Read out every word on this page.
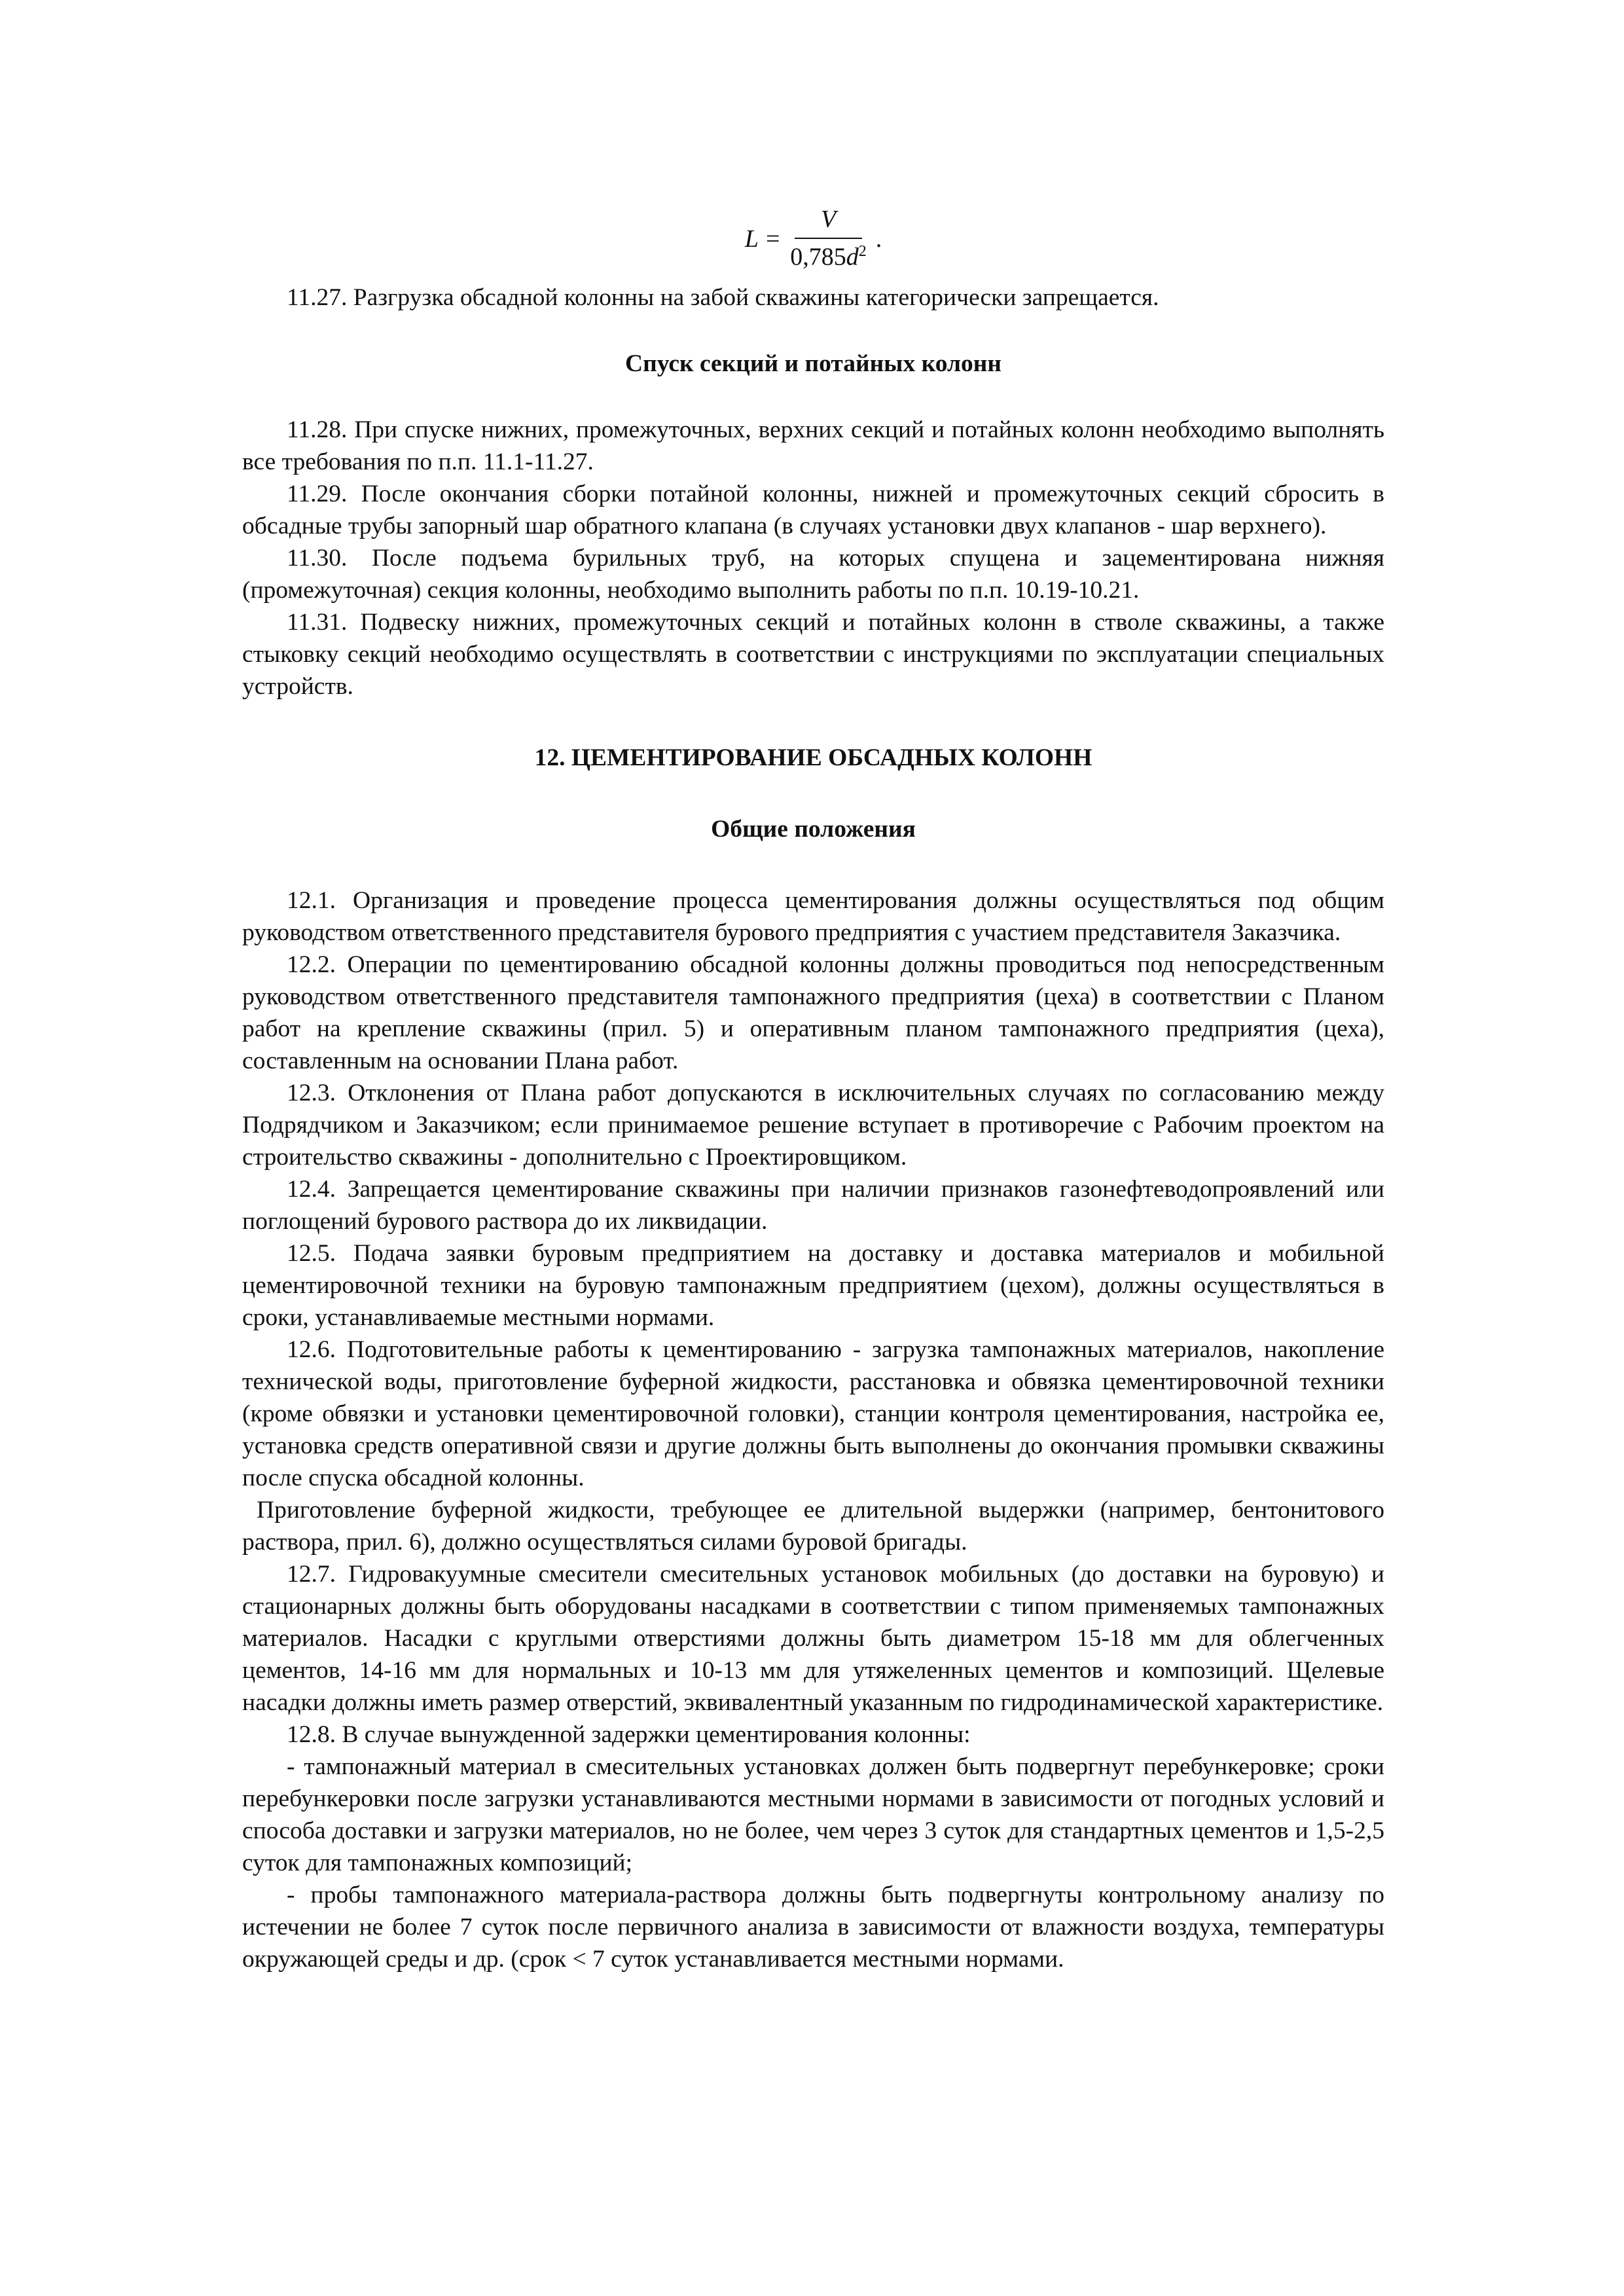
$L = \frac{V}{0,785d^2}$ .

11.27. Разгрузка обсадной колонны на забой скважины категорически запрещается.

Спуск секций и потайных колонн

11.28. При спуске нижних, промежуточных, верхних секций и потайных колонн необходимо выполнять все требования по п.п. 11.1-11.27.

11.29. После окончания сборки потайной колонны, нижней и промежуточных секций сбросить в обсадные трубы запорный шар обратного клапана (в случаях установки двух клапанов - шар верхнего).

11.30. После подъема бурильных труб, на которых спущена и зацементирована нижняя (промежуточная) секция колонны, необходимо выполнить работы по п.п. 10.19-10.21.

11.31. Подвеску нижних, промежуточных секций и потайных колонн в стволе скважины, а также стыковку секций необходимо осуществлять в соответствии с инструкциями по эксплуатации специальных устройств.

12. ЦЕМЕНТИРОВАНИЕ ОБСАДНЫХ КОЛОНН
Общие положения

12.1. Организация и проведение процесса цементирования должны осуществляться под общим руководством ответственного представителя бурового предприятия с участием представителя Заказчика.

12.2. Операции по цементированию обсадной колонны должны проводиться под непосредственным руководством ответственного представителя тампонажного предприятия (цеха) в соответствии с Планом работ на крепление скважины (прил. 5) и оперативным планом тампонажного предприятия (цеха), составленным на основании Плана работ.

12.3. Отклонения от Плана работ допускаются в исключительных случаях по согласованию между Подрядчиком и Заказчиком; если принимаемое решение вступает в противоречие с Рабочим проектом на строительство скважины - дополнительно с Проектировщиком.

12.4. Запрещается цементирование скважины при наличии признаков газонефтеводопроявлений или поглощений бурового раствора до их ликвидации.

12.5. Подача заявки буровым предприятием на доставку и доставка материалов и мобильной цементировочной техники на буровую тампонажным предприятием (цехом), должны осуществляться в сроки, устанавливаемые местными нормами.

12.6. Подготовительные работы к цементированию - загрузка тампонажных материалов, накопление технической воды, приготовление буферной жидкости, расстановка и обвязка цементировочной техники (кроме обвязки и установки цементировочной головки), станции контроля цементирования, настройка ее, установка средств оперативной связи и другие должны быть выполнены до окончания промывки скважины после спуска обсадной колонны.

Приготовление буферной жидкости, требующее ее длительной выдержки (например, бентонитового раствора, прил. 6), должно осуществляться силами буровой бригады.

12.7. Гидровакуумные смесители смесительных установок мобильных (до доставки на буровую) и стационарных должны быть оборудованы насадками в соответствии с типом применяемых тампонажных материалов. Насадки с круглыми отверстиями должны быть диаметром 15-18 мм для облегченных цементов, 14-16 мм для нормальных и 10-13 мм для утяжеленных цементов и композиций. Щелевые насадки должны иметь размер отверстий, эквивалентный указанным по гидродинамической характеристике.

12.8. В случае вынужденной задержки цементирования колонны:

- тампонажный материал в смесительных установках должен быть подвергнут перебункеровке; сроки перебункеровки после загрузки устанавливаются местными нормами в зависимости от погодных условий и способа доставки и загрузки материалов, но не более, чем через 3 суток для стандартных цементов и 1,5-2,5 суток для тампонажных композиций;

- пробы тампонажного материала-раствора должны быть подвергнуты контрольному анализу по истечении не более 7 суток после первичного анализа в зависимости от влажности воздуха, температуры окружающей среды и др. (срок < 7 суток устанавливается местными нормами.
